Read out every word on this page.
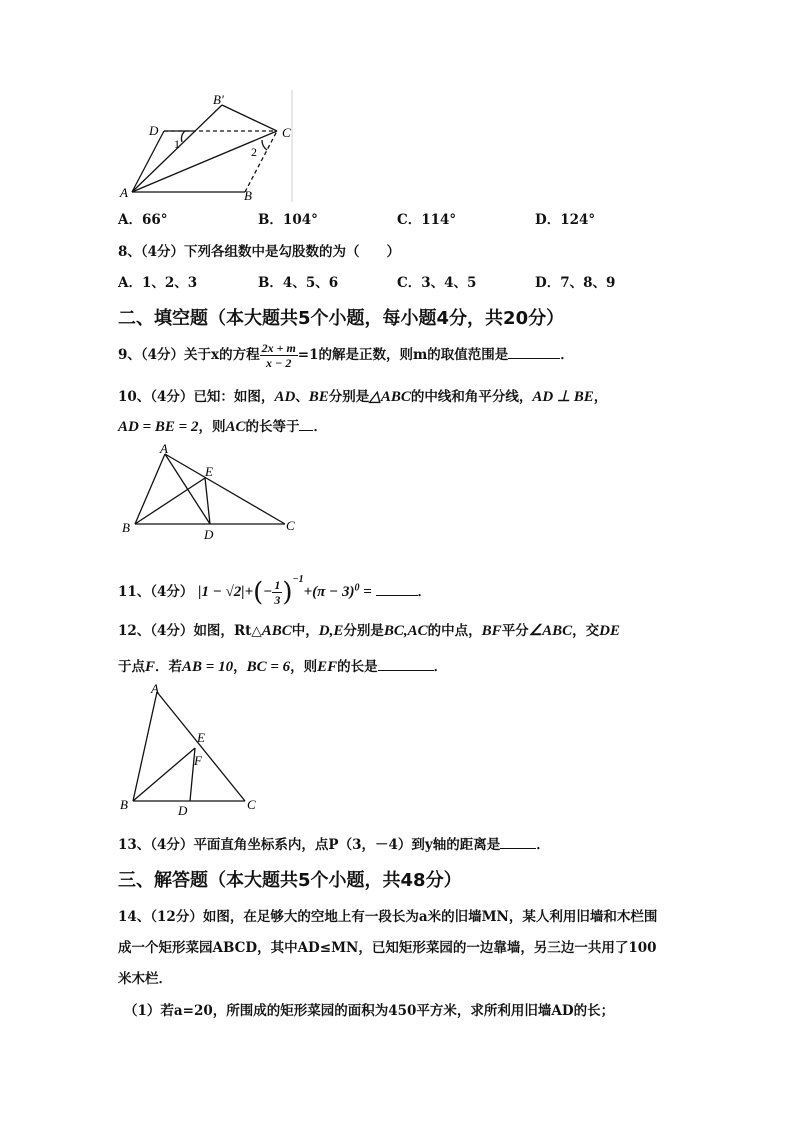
B′
D	C
A	B
1
2
A．66°	B．104°	C．114°	D．124°
8、（4分）下列各组数中是勾股数的为（　　）
A．1、2、3	B．4、5、6	C．3、4、5	D．7、8、9
二、填空题（本大题共5个小题，每小题4分，共20分）
9、（4分）关于x的方程 $\frac{2x + m}{x - 2} =1$的解是正数，则m的取值范围是	．
10、（4分）已知：如图，AD、BE分别是△ABC的中线和角平分线，AD ⊥ BE，
AD = BE = 2，则AC的长等于 ．
A
E
B	D
C
11、（4分） $|1 - √2|+(- \frac{1}{3} )^{-1}+(\pi - 3)^0$ =	．
12、（4分）如图，Rt△ABC中，D,E分别是BC,AC的中点，BF平分∠ABC，交DE
于点F．若AB = 10，BC = 6，则EF的长是	．
A
E
F
B	D	C
13、（4分）平面直角坐标系内，点P（3，－4）到y轴的距离是	．
三、解答题（本大题共5个小题，共48分）
14、（12分）如图，在足够大的空地上有一段长为a米的旧墙MN，某人利用旧墙和木栏围
成一个矩形菜园ABCD，其中AD≤MN，已知矩形菜园的一边靠墙，另三边一共用了100
米木栏．
（1）若a=20，所围成的矩形菜园的面积为450平方米，求所利用旧墙AD的长；
